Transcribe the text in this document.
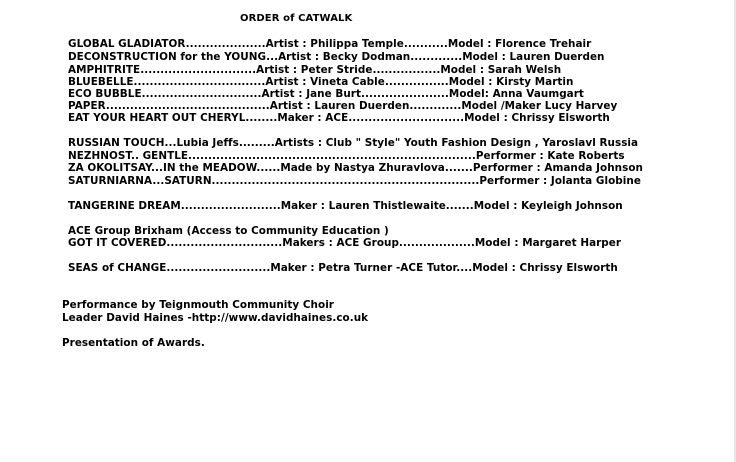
ORDER of CATWALK
GLOBAL GLADIATOR....................Artist : Philippa Temple...........Model : Florence Trehair
DECONSTRUCTION for the YOUNG...Artist : Becky Dodman.............Model : Lauren Duerden
AMPHITRITE.............................Artist : Peter Stride.................Model : Sarah Welsh
BLUEBELLE.................................Artist : Vineta Cable................Model : Kirsty Martin
ECO BUBBLE..............................Artist : Jane Burt......................Model: Anna Vaumgart
PAPER.........................................Artist : Lauren Duerden.............Model /Maker Lucy Harvey
EAT YOUR HEART OUT CHERYL........Maker : ACE.............................Model : Chrissy Elsworth
RUSSIAN TOUCH...Lubia Jeffs.........Artists : Club " Style" Youth Fashion Design , Yaroslavl Russia
NEZHNOST.. GENTLE........................................................................Performer : Kate Roberts
ZA OKOLITSAY...IN the MEADOW......Made by Nastya Zhuravlova.......Performer : Amanda Johnson
SATURNIARNA...SATURN...................................................................Performer : Jolanta Globine
TANGERINE DREAM.........................Maker : Lauren Thistlewaite.......Model : Keyleigh Johnson
ACE Group Brixham (Access to Community Education )
GOT IT COVERED.............................Makers : ACE Group...................Model : Margaret Harper
SEAS of CHANGE..........................Maker : Petra Turner -ACE Tutor....Model : Chrissy Elsworth
Performance by Teignmouth Community Choir
Leader David Haines -http://www.davidhaines.co.uk
Presentation of Awards.
